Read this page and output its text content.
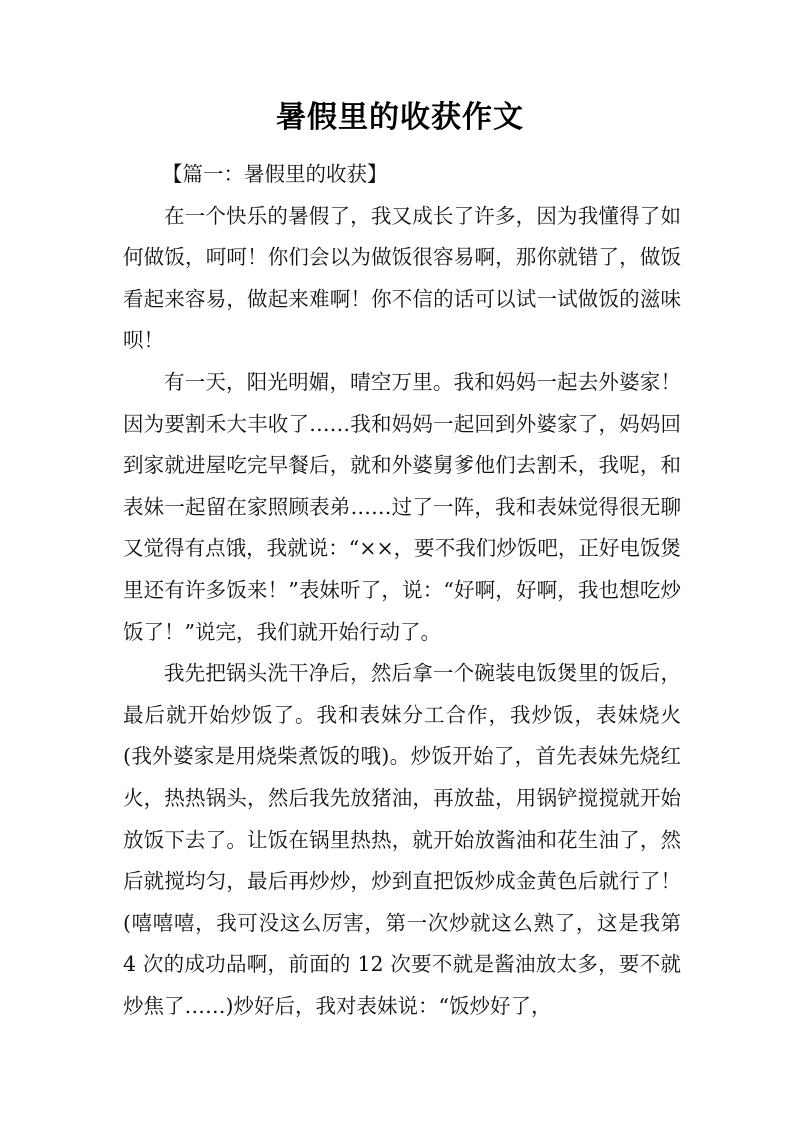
暑假里的收获作文

【篇一：暑假里的收获】

在一个快乐的暑假了，我又成长了许多，因为我懂得了如何做饭，呵呵！你们会以为做饭很容易啊，那你就错了，做饭看起来容易，做起来难啊！你不信的话可以试一试做饭的滋味呗！

有一天，阳光明媚，晴空万里。我和妈妈一起去外婆家！因为要割禾大丰收了……我和妈妈一起回到外婆家了，妈妈回到家就进屋吃完早餐后，就和外婆舅爹他们去割禾，我呢，和表妹一起留在家照顾表弟……过了一阵，我和表妹觉得很无聊又觉得有点饿，我就说：“××，要不我们炒饭吧，正好电饭煲里还有许多饭来！”表妹听了，说：“好啊，好啊，我也想吃炒饭了！”说完，我们就开始行动了。

我先把锅头洗干净后，然后拿一个碗装电饭煲里的饭后，最后就开始炒饭了。我和表妹分工合作，我炒饭，表妹烧火(我外婆家是用烧柴煮饭的哦)。炒饭开始了，首先表妹先烧红火，热热锅头，然后我先放猪油，再放盐，用锅铲搅搅就开始放饭下去了。让饭在锅里热热，就开始放酱油和花生油了，然后就搅均匀，最后再炒炒，炒到直把饭炒成金黄色后就行了！(嘻嘻嘻，我可没这么厉害，第一次炒就这么熟了，这是我第 4 次的成功品啊，前面的 12 次要不就是酱油放太多，要不就炒焦了……)炒好后，我对表妹说：“饭炒好了，
